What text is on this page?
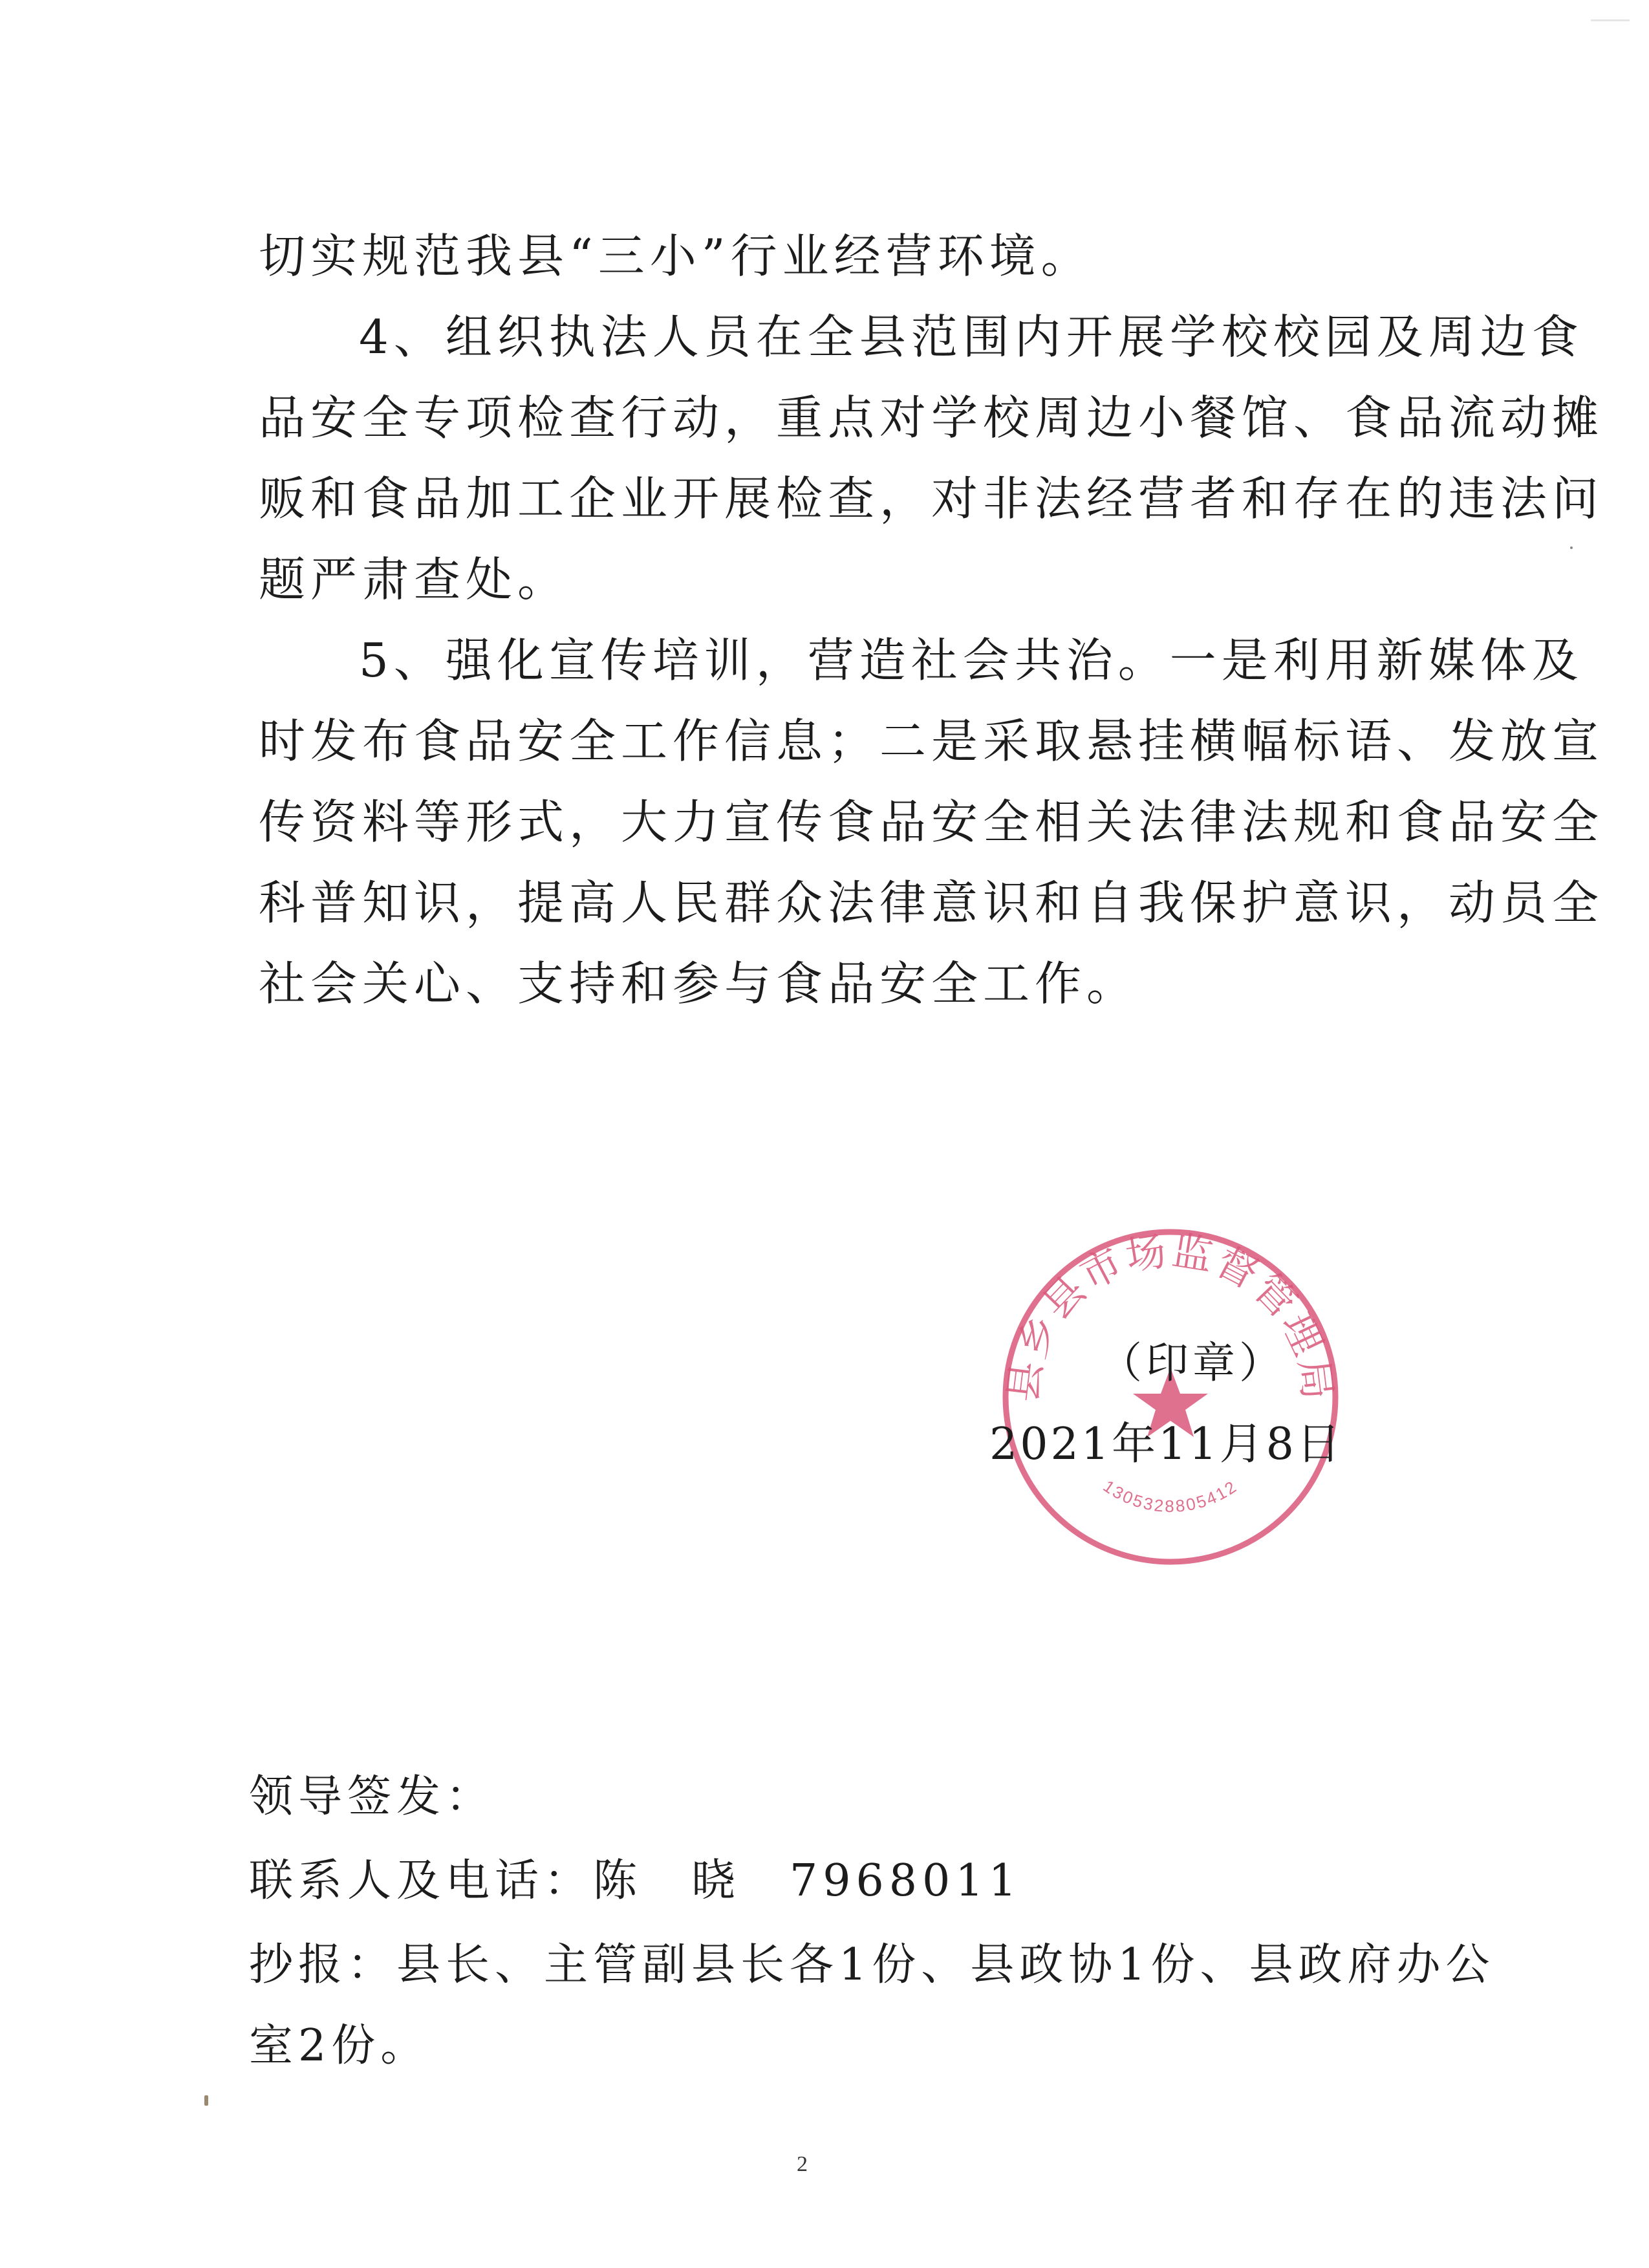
切实规范我县“三小”行业经营环境。
4、组织执法人员在全县范围内开展学校校园及周边食
品安全专项检查行动，重点对学校周边小餐馆、食品流动摊
贩和食品加工企业开展检查，对非法经营者和存在的违法问
题严肃查处。
5、强化宣传培训，营造社会共治。一是利用新媒体及
时发布食品安全工作信息；二是采取悬挂横幅标语、发放宣
传资料等形式，大力宣传食品安全相关法律法规和食品安全
科普知识，提高人民群众法律意识和自我保护意识，动员全
社会关心、支持和参与食品安全工作。
县乡县市场监督管理局
1305328805412
（印章）
2021年11月8日
领导签发：
联系人及电话：陈　晓　7968011
抄报：县长、主管副县长各1份、县政协1份、县政府办公
室2份。
2
